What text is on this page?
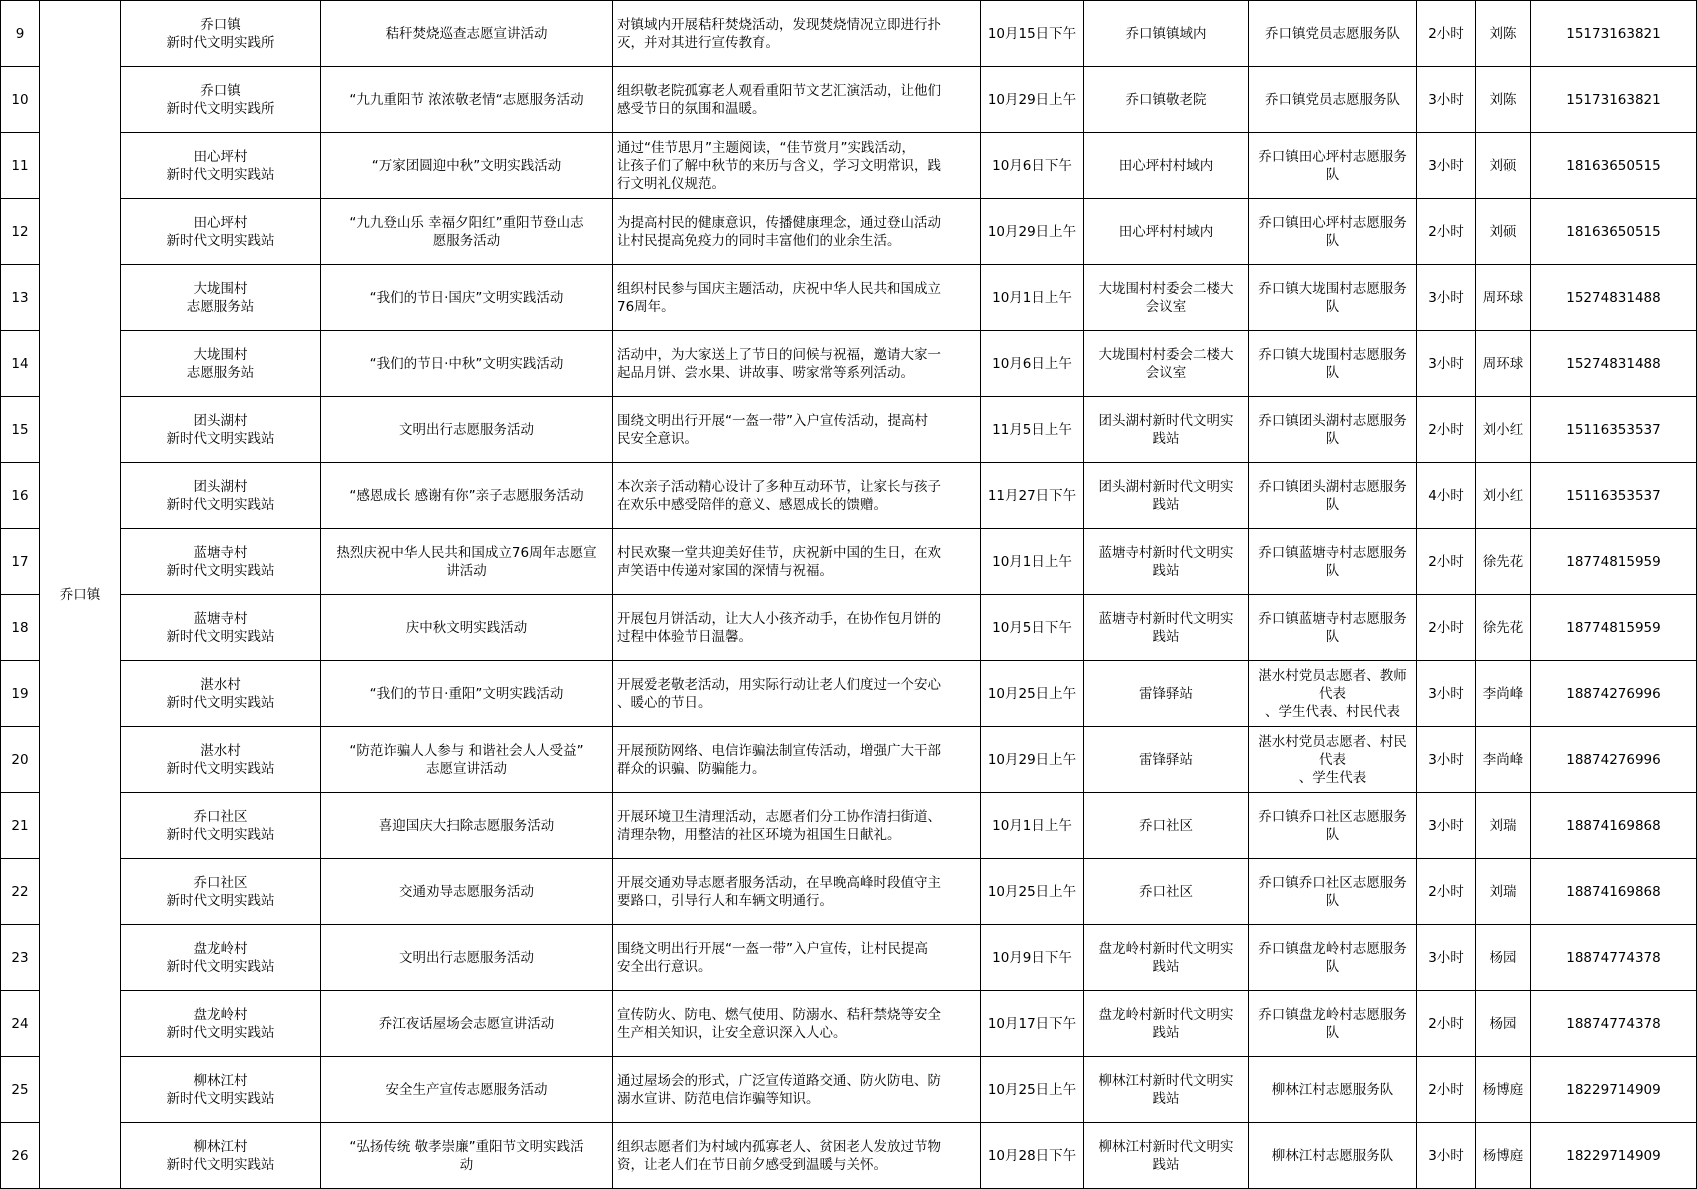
9	乔口镇	乔口镇
新时代文明实践所	秸秆焚烧巡查志愿宣讲活动	对镇域内开展秸秆焚烧活动，发现焚烧情况立即进行扑
灭，并对其进行宣传教育。	10月15日下午	乔口镇镇域内	乔口镇党员志愿服务队	2小时	刘陈	15173163821
10		乔口镇
新时代文明实践所	“九九重阳节 浓浓敬老情“志愿服务活动	组织敬老院孤寡老人观看重阳节文艺汇演活动，让他们
感受节日的氛围和温暖。	10月29日上午	乔口镇敬老院	乔口镇党员志愿服务队	3小时	刘陈	15173163821
11		田心坪村
新时代文明实践站	“万家团圆迎中秋”文明实践活动	通过“佳节思月”主题阅读，“佳节赏月”实践活动，
让孩子们了解中秋节的来历与含义，学习文明常识，践
行文明礼仪规范。	10月6日下午	田心坪村村域内	乔口镇田心坪村志愿服务队	3小时	刘硕	18163650515
12		田心坪村
新时代文明实践站	“九九登山乐 幸福夕阳红”重阳节登山志
愿服务活动	为提高村民的健康意识，传播健康理念，通过登山活动
让村民提高免疫力的同时丰富他们的业余生活。	10月29日上午	田心坪村村域内	乔口镇田心坪村志愿服务队	2小时	刘硕	18163650515
13		大垅围村
志愿服务站	“我们的节日·国庆”文明实践活动	组织村民参与国庆主题活动，庆祝中华人民共和国成立
76周年。	10月1日上午	大垅围村村委会二楼大
会议室	乔口镇大垅围村志愿服务队	3小时	周环球	15274831488
14		大垅围村
志愿服务站	“我们的节日·中秋”文明实践活动	活动中，为大家送上了节日的问候与祝福，邀请大家一
起品月饼、尝水果、讲故事、唠家常等系列活动。	10月6日上午	大垅围村村委会二楼大
会议室	乔口镇大垅围村志愿服务队	3小时	周环球	15274831488
15		团头湖村
新时代文明实践站	文明出行志愿服务活动	围绕文明出行开展“一盔一带”入户宣传活动，提高村
民安全意识。	11月5日上午	团头湖村新时代文明实
践站	乔口镇团头湖村志愿服务队	2小时	刘小红	15116353537
16		团头湖村
新时代文明实践站	“感恩成长 感谢有你”亲子志愿服务活动	本次亲子活动精心设计了多种互动环节，让家长与孩子
在欢乐中感受陪伴的意义、感恩成长的馈赠。	11月27日下午	团头湖村新时代文明实
践站	乔口镇团头湖村志愿服务队	4小时	刘小红	15116353537
17		蓝塘寺村
新时代文明实践站	热烈庆祝中华人民共和国成立76周年志愿宣
讲活动	村民欢聚一堂共迎美好佳节，庆祝新中国的生日，在欢
声笑语中传递对家国的深情与祝福。	10月1日上午	蓝塘寺村新时代文明实
践站	乔口镇蓝塘寺村志愿服务队	2小时	徐先花	18774815959
18		蓝塘寺村
新时代文明实践站	庆中秋文明实践活动	开展包月饼活动，让大人小孩齐动手，在协作包月饼的
过程中体验节日温馨。	10月5日下午	蓝塘寺村新时代文明实
践站	乔口镇蓝塘寺村志愿服务队	2小时	徐先花	18774815959
19		湛水村
新时代文明实践站	“我们的节日·重阳”文明实践活动	开展爱老敬老活动，用实际行动让老人们度过一个安心
、暖心的节日。	10月25日上午	雷锋驿站	湛水村党员志愿者、教师代表
、学生代表、村民代表	3小时	李尚峰	18874276996
20		湛水村
新时代文明实践站	“防范诈骗人人参与 和谐社会人人受益”
志愿宣讲活动	开展预防网络、电信诈骗法制宣传活动，增强广大干部
群众的识骗、防骗能力。	10月29日上午	雷锋驿站	湛水村党员志愿者、村民代表
、学生代表	3小时	李尚峰	18874276996
21		乔口社区
新时代文明实践站	喜迎国庆大扫除志愿服务活动	开展环境卫生清理活动，志愿者们分工协作清扫街道、
清理杂物，用整洁的社区环境为祖国生日献礼。	10月1日上午	乔口社区	乔口镇乔口社区志愿服务队	3小时	刘瑞	18874169868
22		乔口社区
新时代文明实践站	交通劝导志愿服务活动	开展交通劝导志愿者服务活动，在早晚高峰时段值守主
要路口，引导行人和车辆文明通行。	10月25日上午	乔口社区	乔口镇乔口社区志愿服务队	2小时	刘瑞	18874169868
23		盘龙岭村
新时代文明实践站	文明出行志愿服务活动	围绕文明出行开展“一盔一带”入户宣传，让村民提高
安全出行意识。	10月9日下午	盘龙岭村新时代文明实
践站	乔口镇盘龙岭村志愿服务队	3小时	杨园	18874774378
24		盘龙岭村
新时代文明实践站	乔江夜话屋场会志愿宣讲活动	宣传防火、防电、燃气使用、防溺水、秸秆禁烧等安全
生产相关知识，让安全意识深入人心。	10月17日下午	盘龙岭村新时代文明实
践站	乔口镇盘龙岭村志愿服务队	2小时	杨园	18874774378
25		柳林江村
新时代文明实践站	安全生产宣传志愿服务活动	通过屋场会的形式，广泛宣传道路交通、防火防电、防
溺水宣讲、防范电信诈骗等知识。	10月25日上午	柳林江村新时代文明实
践站	柳林江村志愿服务队	2小时	杨博庭	18229714909
26		柳林江村
新时代文明实践站	“弘扬传统 敬孝崇廉”重阳节文明实践活
动	组织志愿者们为村域内孤寡老人、贫困老人发放过节物
资，让老人们在节日前夕感受到温暖与关怀。	10月28日下午	柳林江村新时代文明实
践站	柳林江村志愿服务队	3小时	杨博庭	18229714909
